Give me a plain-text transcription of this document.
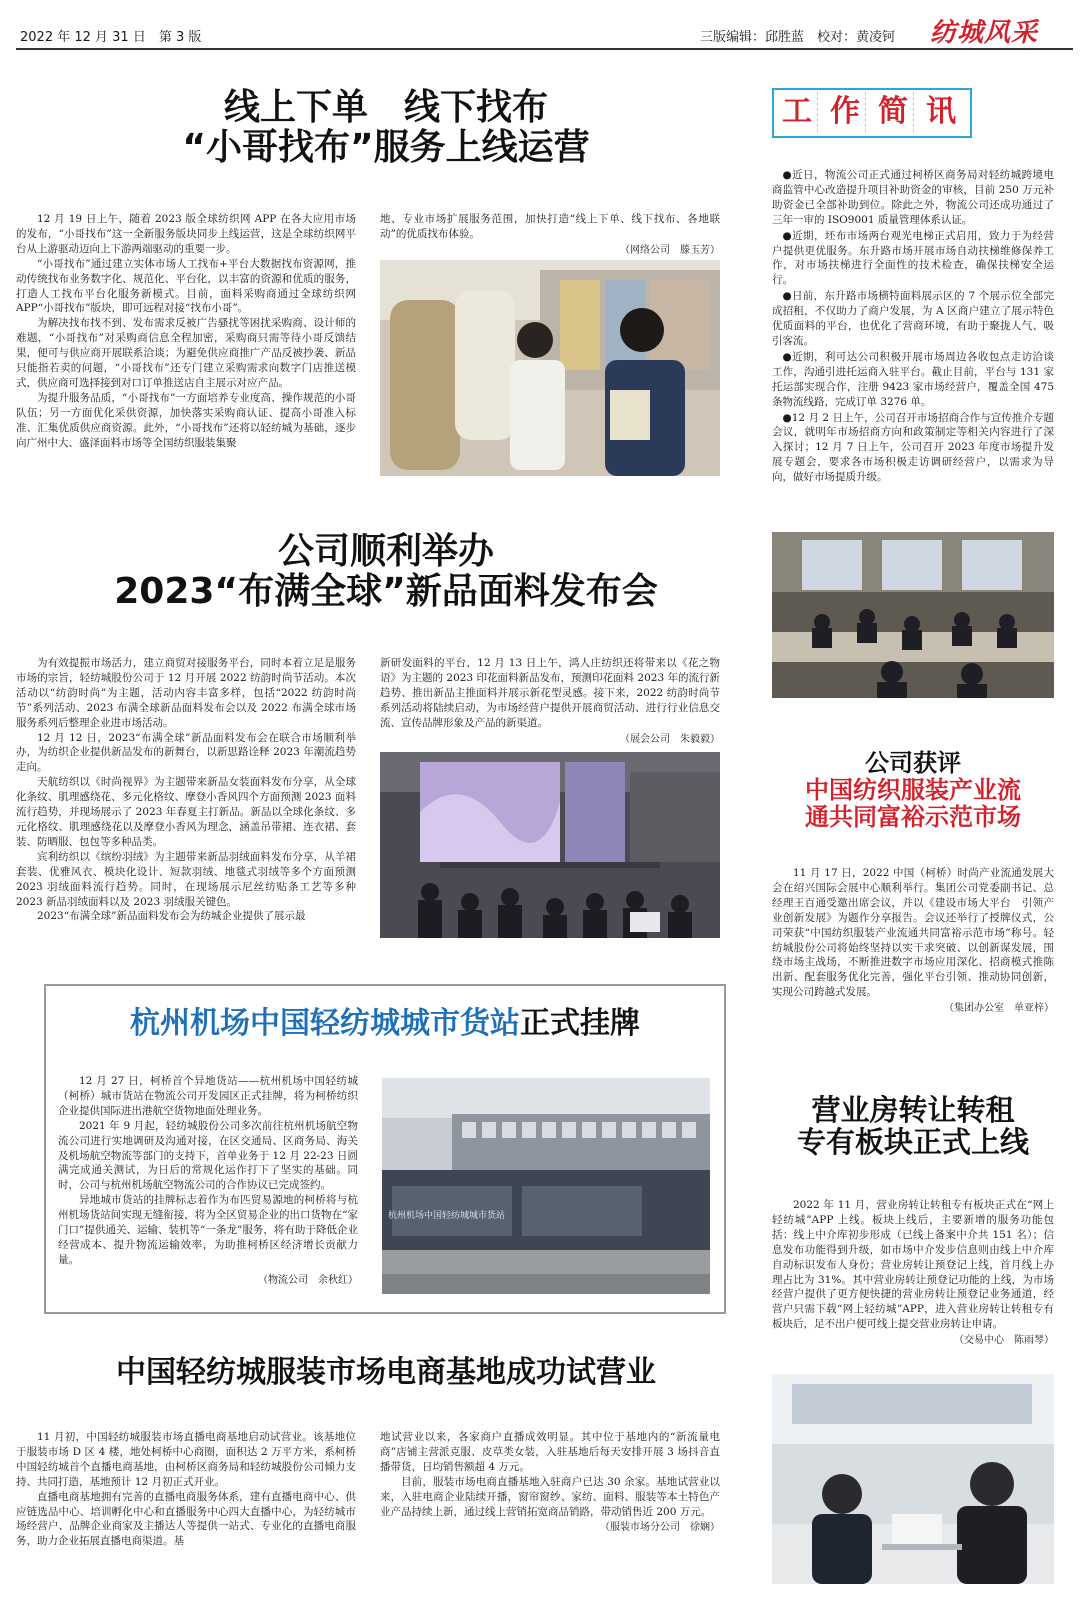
2022 年 12 月 31 日　第 3 版	三版编辑：邱胜蓝　校对：黄凌钶 纺城风采
线上下单　线下找布
“小哥找布”服务上线运营

12 月 19 日上午，随着 2023 版全球纺织网 APP 在各大应用市场的发布，“小哥找布”这一全新服务版块同步上线运营，这是全球纺织网平台从上游驱动迈向上下游两端驱动的重要一步。

“小哥找布”通过建立实体市场人工找布+平台大数据找布资源网，推动传统找布业务数字化、规范化、平台化，以丰富的资源和优质的服务，打造人工找布平台化服务新模式。目前，面料采购商通过全球纺织网 APP“小哥找布”版块，即可远程对接“找布小哥”。

为解决找布找不到、发布需求反被广告骚扰等困扰采购商、设计师的难题，“小哥找布”对采购商信息全程加密，采购商只需等待小哥反馈结果，便可与供应商开展联系洽谈；为避免供应商推广产品反被抄袭、新品只能指若卖的问题，“小哥找布”还专门建立采购需求向数字门店推送模式，供应商可选择接到对口订单推送店自主展示对应产品。

为提升服务品质，“小哥找布”一方面培养专业度高、操作规范的小哥队伍；另一方面优化采供资源，加快落实采购商认证、提高小哥准入标准、汇集优质供应商资源。此外，“小哥找布”还将以轻纺城为基础，逐步向广州中大、盛泽面料市场等全国纺织服装集聚

地、专业市场扩展服务范围，加快打造“线上下单、线下找布、各地联动”的优质找布体验。

（网络公司　滕玉芳）
公司顺利举办
2023“布满全球”新品面料发布会

为有效提振市场活力，建立商贸对接服务平台，同时本着立足是服务市场的宗旨，轻纺城股份公司于 12 月开展 2022 纺韵时尚节活动。本次活动以“纺韵时尚”为主题，活动内容丰富多样，包括“2022 纺韵时尚节”系列活动、2023 布满全球新品面料发布会以及 2022 布满全球市场服务系列后整理企业进市场活动。

12 月 12 日，2023“布满全球”新品面料发布会在联合市场顺利举办，为纺织企业提供新品发布的新舞台，以新思路诠释 2023 年潮流趋势走向。

天航纺织以《时尚视界》为主题带来新品女装面料发布分享，从全球化条纹、肌理感绕花、多元化格纹、摩登小香风四个方面预测 2023 面料流行趋势，并现场展示了 2023 年春夏主打新品。新品以全球化条纹、多元化格纹、肌理感绕花以及摩登小香风为理念，涵盖吊带裙、连衣裙、套装、防晒服、包包等多种品类。

宾利纺织以《缤纷羽绒》为主题带来新品羽绒面料发布分享，从羊裙套装、优雅风衣、模块化设计、短款羽绒、地毯式羽绒等多个方面预测 2023 羽绒面料流行趋势。同时，在现场展示尼丝纺贴条工艺等多种 2023 新品羽绒面料以及 2023 羽绒服关键色。

2023“布满全球”新品面料发布会为纺城企业提供了展示最

新研发面料的平台，12 月 13 日上午，鸿人庄纺织还将带来以《花之物语》为主题的 2023 印花面料新品发布，预测印花面料 2023 年的流行新趋势、推出新品主推面料并展示新花型灵感。接下来，2022 纺韵时尚节系列活动将陆续启动，为市场经营户提供开展商贸活动、进行行业信息交流、宣传品牌形象及产品的新渠道。

（展会公司　朱毅毅）
杭州机场中国轻纺城城市货站正式挂牌

12 月 27 日，柯桥首个异地货站——杭州机场中国轻纺城（柯桥）城市货站在物流公司开发园区正式挂牌，将为柯桥纺织企业提供国际进出港航空货物地面处理业务。

2021 年 9 月起，轻纺城股份公司多次前往杭州机场航空物流公司进行实地调研及沟通对接，在区交通局、区商务局、海关及机场航空物流等部门的支持下，首单业务于 12 月 22-23 日圆满完成通关测试，为日后的常规化运作打下了坚实的基础。同时，公司与杭州机场航空物流公司的合作协议已完成签约。

异地城市货站的挂牌标志着作为布匹贸易源地的柯桥将与杭州机场货站间实现无缝衔接，将为全区贸易企业的出口货物在“家门口”提供通关、运输、装机等“一条龙”服务，将有助于降低企业经营成本、提升物流运输效率，为助推柯桥区经济增长贡献力量。

（物流公司　余秋红）
杭州机场中国轻纺城城市货站
中国轻纺城服装市场电商基地成功试营业

11 月初，中国轻纺城服装市场直播电商基地启动试营业。该基地位于服装市场 D 区 4 楼，地处柯桥中心商圈，面积达 2 万平方米，系柯桥中国轻纺城首个直播电商基地，由柯桥区商务局和轻纺城股份公司倾力支持、共同打造，基地预计 12 月初正式开业。

直播电商基地拥有完善的直播电商服务体系，建有直播电商中心、供应链选品中心、培训孵化中心和直播服务中心四大直播中心，为轻纺城市场经营户、品牌企业商家及主播达人等提供一站式、专业化的直播电商服务，助力企业拓展直播电商渠道。基

地试营业以来，各家商户直播成效明显。其中位于基地内的“新流量电商”店铺主营派克服、皮草类女装，入驻基地后每天安排开展 3 场抖音直播带货，日均销售额超 4 万元。

目前，服装市场电商直播基地入驻商户已达 30 余家。基地试营业以来，入驻电商企业陆续开播，窗帘窗纱、家纺、面料、服装等本土特色产业产品持续上新，通过线上营销拓宽商品销路，带动销售近 200 万元。

（服装市场分公司　徐娴）
工 作 简 讯

●近日，物流公司正式通过柯桥区商务局对轻纺城跨境电商监管中心改造提升项目补助资金的审核，目前 250 万元补助资金已全部补助到位。除此之外，物流公司还成功通过了三年一审的 ISO9001 质量管理体系认证。

●近期，坯布市场两台观光电梯正式启用，致力于为经营户提供更优服务。东升路市场开展市场自动扶梯维修保养工作，对市场扶梯进行全面性的技术检查，确保扶梯安全运行。

●日前，东升路市场横特面料展示区的 7 个展示位全部完成招租，不仅助力了商户发展，为 A 区商户建立了展示特色优质面料的平台，也优化了营商环境，有助于聚拢人气、吸引客流。

●近期，利可达公司积极开展市场周边各收包点走访洽谈工作，沟通引进托运商入驻平台。截止目前，平台与 131 家托运部实现合作，注册 9423 家市场经营户，覆盖全国 475 条物流线路，完成订单 3276 单。

●12 月 2 日上午，公司召开市场招商合作与宣传推介专题会议，就明年市场招商方向和政策制定等相关内容进行了深入探讨；12 月 7 日上午，公司召开 2023 年度市场提升发展专题会，要求各市场积极走访调研经营户，以需求为导向，做好市场提质升级。

公司获评
中国纺织服装产业流
通共同富裕示范市场

11 月 17 日，2022 中国（柯桥）时尚产业流通发展大会在绍兴国际会展中心顺利举行。集团公司党委副书记、总经理王百通受邀出席会议，并以《建设市场大平台　引领产业创新发展》为题作分享报告。会议还举行了授牌仪式，公司荣获“中国纺织服装产业流通共同富裕示范市场”称号。轻纺城股份公司将始终坚持以实干求突破、以创新谋发展，围绕市场主战场，不断推进数字市场应用深化、招商模式推陈出新、配套服务优化完善，强化平台引领、推动协同创新，实现公司跨越式发展。

（集团办公室　单亚梓）
营业房转让转租
专有板块正式上线

2022 年 11 月，营业房转让转租专有板块正式在“网上轻纺城”APP 上线。板块上线后，主要新增的服务功能包括：线上中介库初步形成（已线上备案中介共 151 名）；信息发布功能得到升级，如市场中介发步信息则由线上中介库自动标识发布人身份；营业房转让预登记上线，首月线上办理占比为 31%。其中营业房转让预登记功能的上线，为市场经营户提供了更方便快捷的营业房转让预登记业务通道，经营户只需下载“网上轻纺城”APP，进入营业房转让转租专有板块后，足不出户便可线上提交营业房转让申请。

（交易中心　陈雨琴）
